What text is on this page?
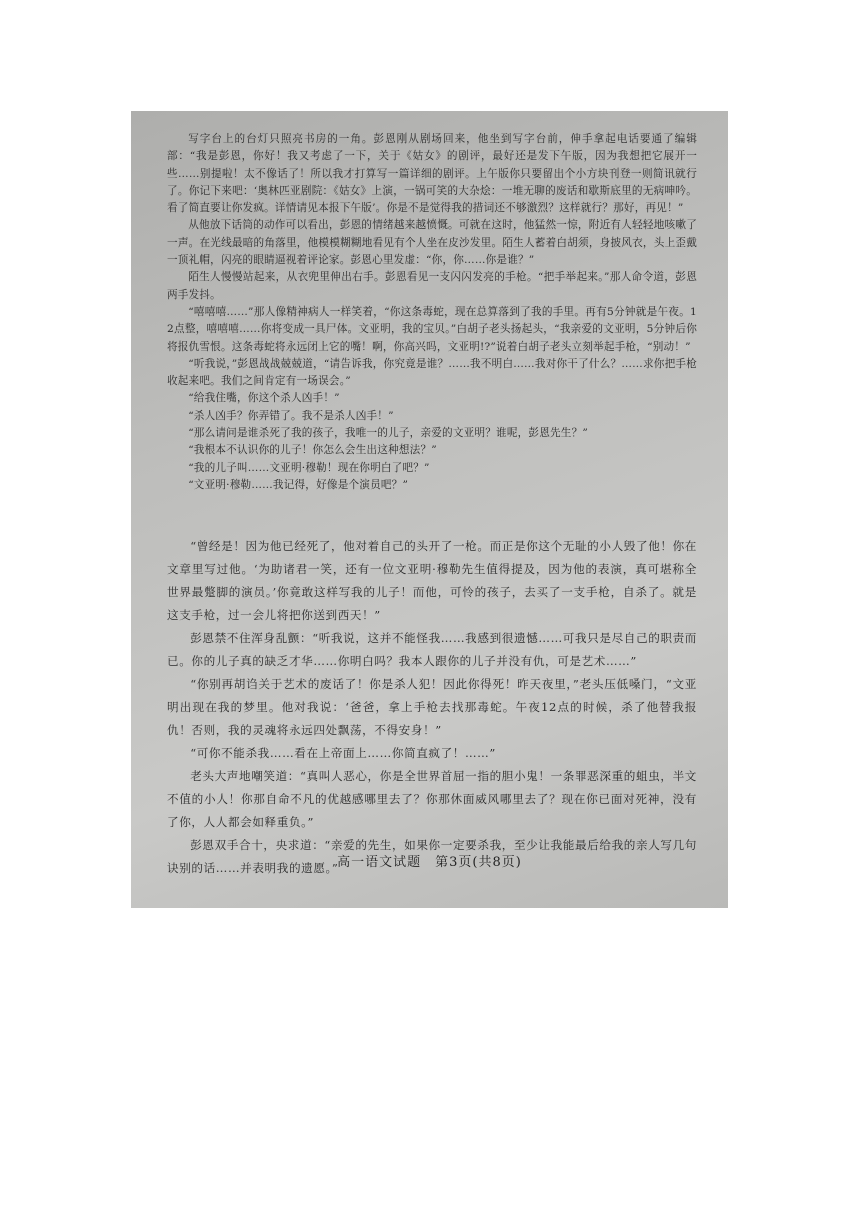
写字台上的台灯只照亮书房的一角。彭恩刚从剧场回来，他坐到写字台前，伸手拿起电话要通了编辑部：“我是彭恩，你好！我又考虑了一下，关于《姑女》的剧评，最好还是发下午版，因为我想把它展开一些……别提啦！太不像话了！所以我才打算写一篇详细的剧评。上午版你只要留出个小方块刊登一则简讯就行了。你记下来吧：‘奥林匹亚剧院：《姑女》上演，一锅可笑的大杂烩：一堆无聊的废话和歇斯底里的无病呻吟。看了简直要让你发疯。详情请见本报下午版’。你是不是觉得我的措词还不够激烈？这样就行？那好，再见！”

从他放下话筒的动作可以看出，彭恩的情绪越来越愤慨。可就在这时，他猛然一惊，附近有人轻轻地咳嗽了一声。在光线最暗的角落里，他模模糊糊地看见有个人坐在皮沙发里。陌生人蓄着白胡须，身披风衣，头上歪戴一顶礼帽，闪亮的眼睛逼视着评论家。彭恩心里发虚：“你，你……你是谁？”

陌生人慢慢站起来，从衣兜里伸出右手。彭恩看见一支闪闪发亮的手枪。“把手举起来。”那人命令道，彭恩两手发抖。

“嘻嘻嘻……”那人像精神病人一样笑着，“你这条毒蛇，现在总算落到了我的手里。再有5分钟就是午夜。12点整，嘻嘻嘻……你将变成一具尸体。文亚明，我的宝贝。”白胡子老头扬起头，“我亲爱的文亚明，5分钟后你将报仇雪恨。这条毒蛇将永远闭上它的嘴！啊，你高兴吗，文亚明!?”说着白胡子老头立刻举起手枪，“别动！”

“听我说，”彭恩战战兢兢道，“请告诉我，你究竟是谁？……我不明白……我对你干了什么？……求你把手枪收起来吧。我们之间肯定有一场误会。”

“给我住嘴，你这个杀人凶手！”

“杀人凶手？你弄错了。我不是杀人凶手！”

“那么请问是谁杀死了我的孩子，我唯一的儿子，亲爱的文亚明？谁呢，彭恩先生？”

“我根本不认识你的儿子！你怎么会生出这种想法？”

“我的儿子叫……文亚明·穆勒！现在你明白了吧？”

“文亚明·穆勒……我记得，好像是个演员吧？”

“曾经是！因为他已经死了，他对着自己的头开了一枪。而正是你这个无耻的小人毁了他！你在文章里写过他。‘为助诸君一笑，还有一位文亚明·穆勒先生值得提及，因为他的表演，真可堪称全世界最蹩脚的演员。’你竟敢这样写我的儿子！而他，可怜的孩子，去买了一支手枪，自杀了。就是这支手枪，过一会儿将把你送到西天！”

彭恩禁不住浑身乱颤：“听我说，这并不能怪我……我感到很遗憾……可我只是尽自己的职责而已。你的儿子真的缺乏才华……你明白吗？我本人跟你的儿子并没有仇，可是艺术……”

“你别再胡诌关于艺术的废话了！你是杀人犯！因此你得死！昨天夜里，”老头压低嗓门，“文亚明出现在我的梦里。他对我说：‘爸爸，拿上手枪去找那毒蛇。午夜12点的时候，杀了他替我报仇！否则，我的灵魂将永远四处飘荡，不得安身！”

“可你不能杀我……看在上帝面上……你简直疯了！……”

老头大声地嘲笑道：“真叫人恶心，你是全世界首屈一指的胆小鬼！一条罪恶深重的蛆虫，半文不值的小人！你那自命不凡的优越感哪里去了？你那休面威风哪里去了？现在你已面对死神，没有了你，人人都会如释重负。”

彭恩双手合十，央求道：“亲爱的先生，如果你一定要杀我，至少让我能最后给我的亲人写几句诀别的话……并表明我的遗愿。”

高一语文试题　第3页(共8页)
